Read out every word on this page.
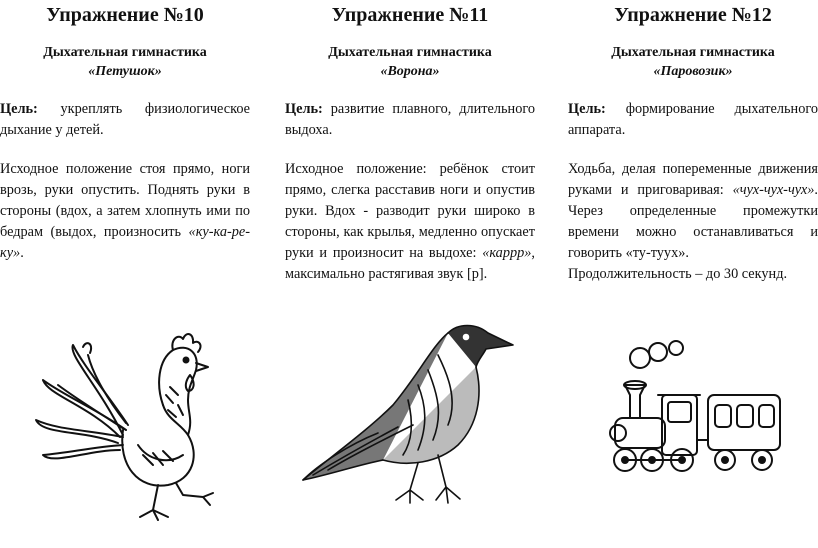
Упражнение №10
Дыхательная гимнастика
«Петушок»
Цель: укреплять физиологическое дыхание у детей.
Исходное положение стоя прямо, ноги врозь, руки опустить. Поднять руки в стороны (вдох, а затем хлопнуть ими по бедрам (выдох, произносить «ку-ка-ре-ку».
Упражнение №11
Дыхательная гимнастика
«Ворона»
Цель: развитие плавного, длительного выдоха.
Исходное положение: ребёнок стоит прямо, слегка расставив ноги и опустив руки. Вдох - разводит руки широко в стороны, как крылья, медленно опускает руки и произносит на выдохе: «каррр», максимально растягивая звук [р].
Упражнение №12
Дыхательная гимнастика
«Паровозик»
Цель: формирование дыхательного аппарата.
Ходьба, делая попеременные движения руками и приговаривая: «чух-чух-чух». Через определенные промежутки времени можно останавливаться и говорить «ту-туух».
Продолжительность – до 30 секунд.
